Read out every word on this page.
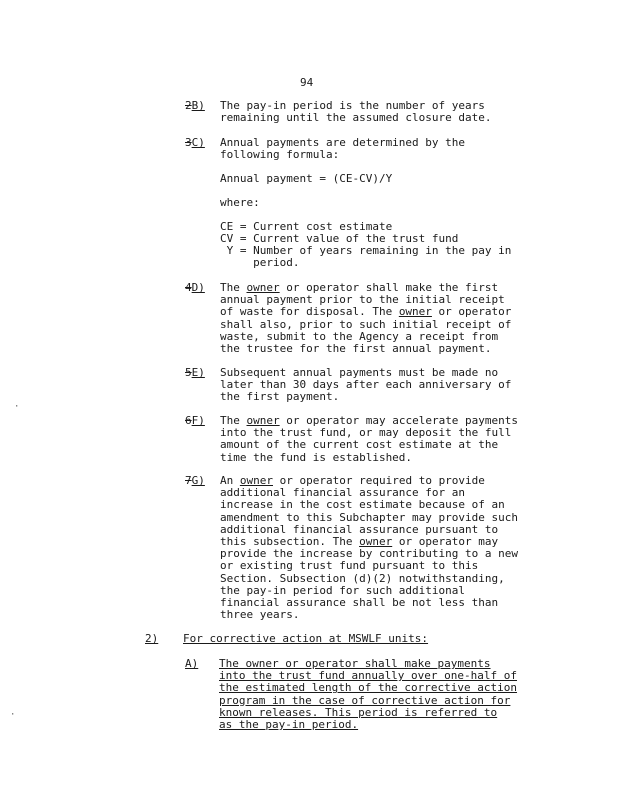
94
2B)	The pay-in period is the number of years
remaining until the assumed closure date.
3C)	Annual payments are determined by the
following formula:
Annual payment = (CE-CV)/Y
where:
CE = Current cost estimate
CV = Current value of the trust fund
Y = Number of years remaining in the pay in
period.
4D)	The owner or operator shall make the first
annual payment prior to the initial receipt
of waste for disposal. The owner or operator
shall also, prior to such initial receipt of
waste, submit to the Agency a receipt from
the trustee for the first annual payment.
5E)	Subsequent annual payments must be made no
later than 30 days after each anniversary of
the first payment.
6F)	The owner or operator may accelerate payments
into the trust fund, or may deposit the full
amount of the current cost estimate at the
time the fund is established.
7G)	An owner or operator required to provide
additional financial assurance for an
increase in the cost estimate because of an
amendment to this Subchapter may provide such
additional financial assurance pursuant to
this subsection. The owner or operator may
provide the increase by contributing to a new
or existing trust fund pursuant to this
Section. Subsection (d)(2) notwithstanding,
the pay-in period for such additional
financial assurance shall be not less than
three years.
2)	For corrective action at MSWLF units:
A)	The owner or operator shall make payments
into the trust fund annually over one-half of
the estimated length of the corrective action
program in the case of corrective action for
known releases. This period is referred to
as the pay-in period.
·
·
